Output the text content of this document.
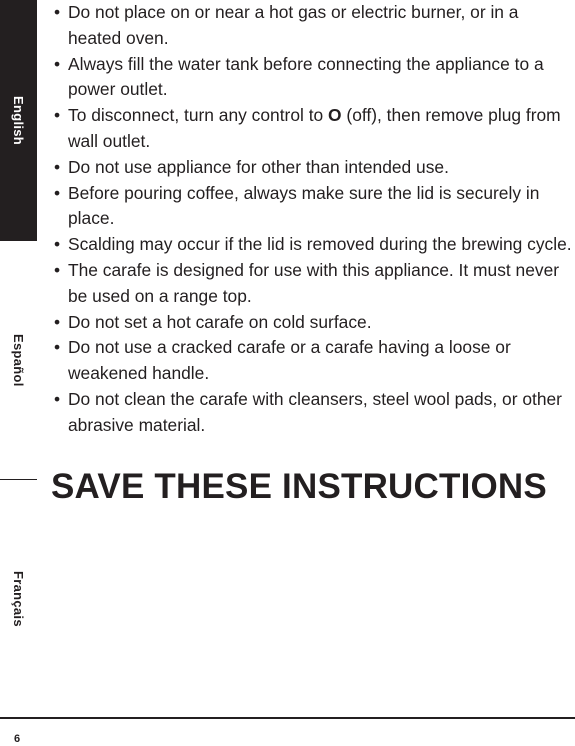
English
Español
Français
• Do not place on or near a hot gas or electric burner, or in a heated oven.
• Always fill the water tank before connecting the appliance to a power outlet.
• To disconnect, turn any control to O (off), then remove plug from wall outlet.
• Do not use appliance for other than intended use.
• Before pouring coffee, always make sure the lid is securely in place.
• Scalding may occur if the lid is removed during the brewing cycle.
• The carafe is designed for use with this appliance. It must never be used on a range top.
• Do not set a hot carafe on cold surface.
• Do not use a cracked carafe or a carafe having a loose or weakened handle.
• Do not clean the carafe with cleansers, steel wool pads, or other abrasive material.
SAVE THESE INSTRUCTIONS
6
